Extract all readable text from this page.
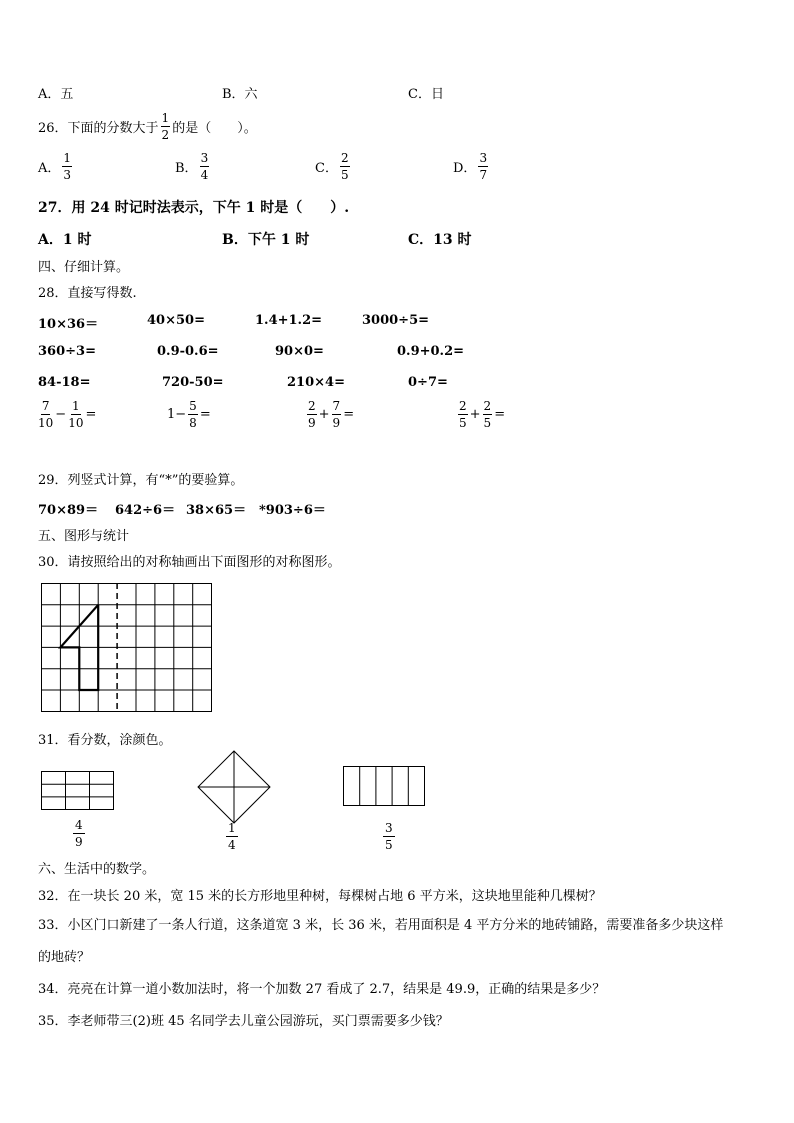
A．五	B．六	C．日
26．下面的分数大于 $\frac{1}{2}$ 的是（　　）。
A． $\frac{1}{3}$	B． $\frac{3}{4}$	C． $\frac{2}{5}$	D． $\frac{3}{7}$
27．用 24 时记时法表示，下午 1 时是（　　）.
A．1 时	B．下午 1 时	C．13 时
四、仔细计算。
28．直接写得数.
10×36＝	40×50=	1.4+1.2=	3000÷5=
360÷3=	0.9-0.6=	90×0=	0.9+0.2=
84-18=	720-50=	210×4=	0÷7=
$\frac{7}{10} - \frac{1}{10}$ =	$1- \frac{5}{8}$ =	$\frac{2}{9} + \frac{7}{9}$ =	$\frac{2}{5} + \frac{2}{5}$ =
29．列竖式计算，有“*”的要验算。
70×89＝ 642÷6＝ 38×65＝ *903÷6＝
五、图形与统计
30．请按照给出的对称轴画出下面图形的对称图形。
31．看分数，涂颜色。
$\frac{4}{9}$	$\frac{1}{4}$	$\frac{3}{5}$
六、生活中的数学。
32．在一块长 20 米，宽 15 米的长方形地里种树，每棵树占地 6 平方米，这块地里能种几棵树？
33．小区门口新建了一条人行道，这条道宽 3 米，长 36 米，若用面积是 4 平方分米的地砖铺路，需要准备多少块这样
的地砖？
34．亮亮在计算一道小数加法时，将一个加数 27 看成了 2.7，结果是 49.9，正确的结果是多少？
35．李老师带三(2)班 45 名同学去儿童公园游玩，买门票需要多少钱？
